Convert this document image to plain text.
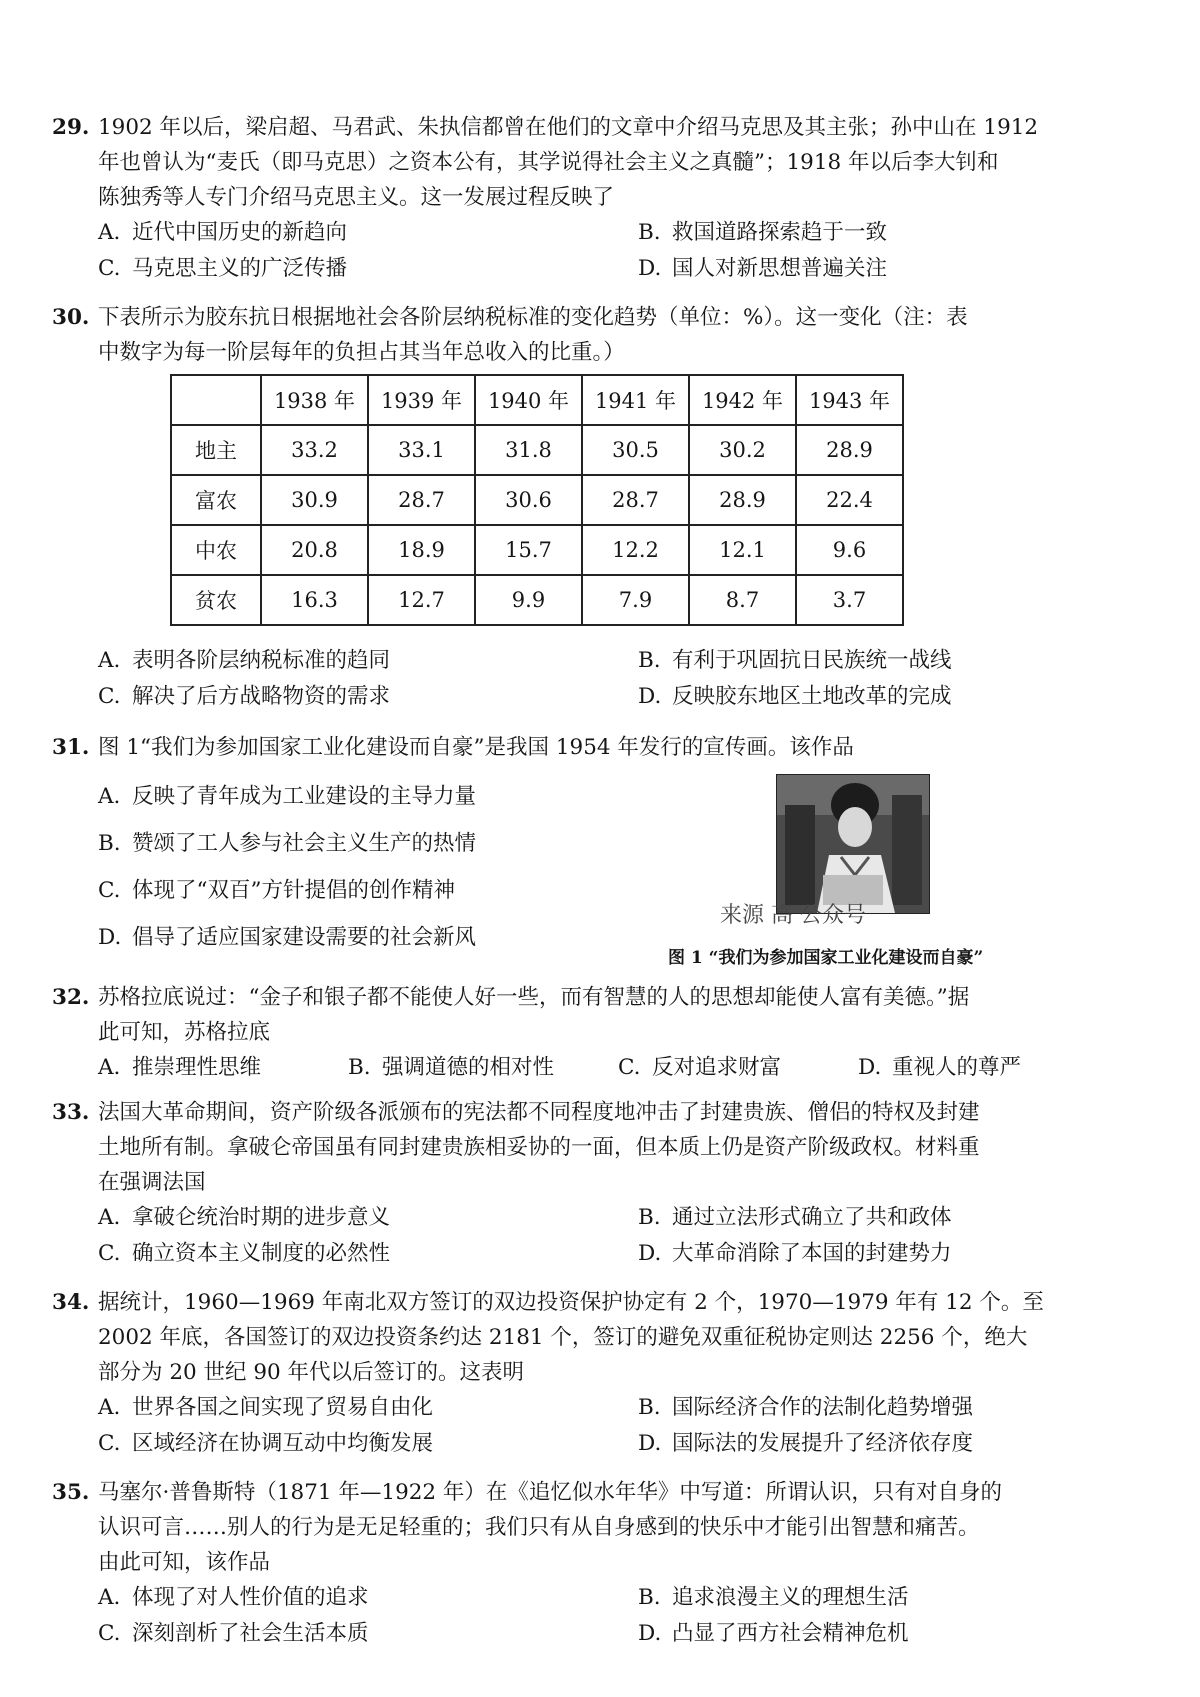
29. 1902 年以后，梁启超、马君武、朱执信都曾在他们的文章中介绍马克思及其主张；孙中山在 1912
年也曾认为“麦氏（即马克思）之资本公有，其学说得社会主义之真髓”；1918 年以后李大钊和
陈独秀等人专门介绍马克思主义。这一发展过程反映了
A. 近代中国历史的新趋向	B. 救国道路探索趋于一致
C. 马克思主义的广泛传播	D. 国人对新思想普遍关注
30. 下表所示为胶东抗日根据地社会各阶层纳税标准的变化趋势（单位：%）。这一变化（注：表
中数字为每一阶层每年的负担占其当年总收入的比重。）
	1938 年	1939 年	1940 年	1941 年	1942 年	1943 年
地主	33.2	33.1	31.8	30.5	30.2	28.9
富农	30.9	28.7	30.6	28.7	28.9	22.4
中农	20.8	18.9	15.7	12.2	12.1	9.6
贫农	16.3	12.7	9.9	7.9	8.7	3.7
A. 表明各阶层纳税标准的趋同	B. 有利于巩固抗日民族统一战线
C. 解决了后方战略物资的需求	D. 反映胶东地区土地改革的完成
31. 图 1“我们为参加国家工业化建设而自豪”是我国 1954 年发行的宣传画。该作品
A. 反映了青年成为工业建设的主导力量
B. 赞颂了工人参与社会主义生产的热情
C. 体现了“双百”方针提倡的创作精神
D. 倡导了适应国家建设需要的社会新风
来源 高 公众号
图 1 “我们为参加国家工业化建设而自豪”
32. 苏格拉底说过：“金子和银子都不能使人好一些，而有智慧的人的思想却能使人富有美德。”据
此可知，苏格拉底
A. 推崇理性思维	B. 强调道德的相对性	C. 反对追求财富	D. 重视人的尊严
33. 法国大革命期间，资产阶级各派颁布的宪法都不同程度地冲击了封建贵族、僧侣的特权及封建
土地所有制。拿破仑帝国虽有同封建贵族相妥协的一面，但本质上仍是资产阶级政权。材料重
在强调法国
A. 拿破仑统治时期的进步意义	B. 通过立法形式确立了共和政体
C. 确立资本主义制度的必然性	D. 大革命消除了本国的封建势力
34. 据统计，1960—1969 年南北双方签订的双边投资保护协定有 2 个，1970—1979 年有 12 个。至
2002 年底，各国签订的双边投资条约达 2181 个，签订的避免双重征税协定则达 2256 个，绝大
部分为 20 世纪 90 年代以后签订的。这表明
A. 世界各国之间实现了贸易自由化	B. 国际经济合作的法制化趋势增强
C. 区域经济在协调互动中均衡发展	D. 国际法的发展提升了经济依存度
35. 马塞尔·普鲁斯特（1871 年—1922 年）在《追忆似水年华》中写道：所谓认识，只有对自身的
认识可言……别人的行为是无足轻重的；我们只有从自身感到的快乐中才能引出智慧和痛苦。
由此可知，该作品
A. 体现了对人性价值的追求	B. 追求浪漫主义的理想生活
C. 深刻剖析了社会生活本质	D. 凸显了西方社会精神危机
